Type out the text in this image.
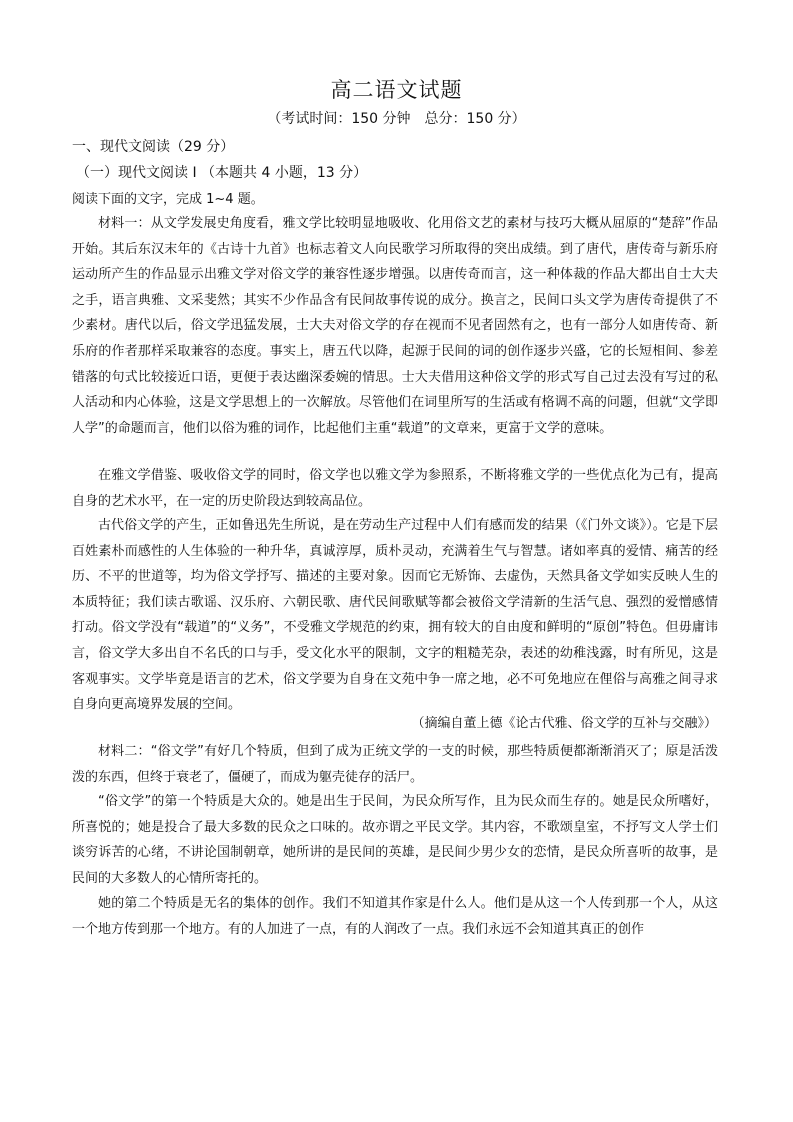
高二语文试题
（考试时间：150 分钟　总分：150 分）
一、现代文阅读（29 分）
（一）现代文阅读 I （本题共 4 小题，13 分）
阅读下面的文字，完成 1~4 题。

材料一：从文学发展史角度看，雅文学比较明显地吸收、化用俗文艺的素材与技巧大概从屈原的“楚辞”作品开始。其后东汉末年的《古诗十九首》也标志着文人向民歌学习所取得的突出成绩。到了唐代，唐传奇与新乐府运动所产生的作品显示出雅文学对俗文学的兼容性逐步增强。以唐传奇而言，这一种体裁的作品大都出自士大夫之手，语言典雅、文采斐然；其实不少作品含有民间故事传说的成分。换言之，民间口头文学为唐传奇提供了不少素材。唐代以后，俗文学迅猛发展，士大夫对俗文学的存在视而不见者固然有之，也有一部分人如唐传奇、新乐府的作者那样采取兼容的态度。事实上，唐五代以降，起源于民间的词的创作逐步兴盛，它的长短相间、参差错落的句式比较接近口语，更便于表达幽深委婉的情思。士大夫借用这种俗文学的形式写自己过去没有写过的私人活动和内心体验，这是文学思想上的一次解放。尽管他们在词里所写的生活或有格调不高的问题，但就“文学即人学”的命题而言，他们以俗为雅的词作，比起他们主重“载道”的文章来，更富于文学的意味。

在雅文学借鉴、吸收俗文学的同时，俗文学也以雅文学为参照系，不断将雅文学的一些优点化为己有，提高自身的艺术水平，在一定的历史阶段达到较高品位。

古代俗文学的产生，正如鲁迅先生所说，是在劳动生产过程中人们有感而发的结果（《门外文谈》）。它是下层百姓素朴而感性的人生体验的一种升华，真诚淳厚，质朴灵动，充满着生气与智慧。诸如率真的爱情、痛苦的经历、不平的世道等，均为俗文学抒写、描述的主要对象。因而它无矫饰、去虚伪，天然具备文学如实反映人生的本质特征；我们读古歌谣、汉乐府、六朝民歌、唐代民间歌赋等都会被俗文学清新的生活气息、强烈的爱憎感情打动。俗文学没有“载道”的“义务”，不受雅文学规范的约束，拥有较大的自由度和鲜明的“原创”特色。但毋庸讳言，俗文学大多出自不名氏的口与手，受文化水平的限制，文字的粗糙芜杂，表述的幼稚浅露，时有所见，这是客观事实。文学毕竟是语言的艺术，俗文学要为自身在文苑中争一席之地，必不可免地应在俚俗与高雅之间寻求自身向更高境界发展的空间。

（摘编自董上德《论古代雅、俗文学的互补与交融》）

材料二：“俗文学”有好几个特质，但到了成为正统文学的一支的时候，那些特质便都渐渐消灭了；原是活泼泼的东西，但终于衰老了，僵硬了，而成为躯壳徒存的活尸。

“俗文学”的第一个特质是大众的。她是出生于民间，为民众所写作，且为民众而生存的。她是民众所嗜好，所喜悦的；她是投合了最大多数的民众之口味的。故亦谓之平民文学。其内容，不歌颂皇室，不抒写文人学士们谈穷诉苦的心绪，不讲论国制朝章，她所讲的是民间的英雄，是民间少男少女的恋情，是民众所喜听的故事，是民间的大多数人的心情所寄托的。

她的第二个特质是无名的集体的创作。我们不知道其作家是什么人。他们是从这一个人传到那一个人，从这一个地方传到那一个地方。有的人加进了一点，有的人润改了一点。我们永远不会知道其真正的创作
